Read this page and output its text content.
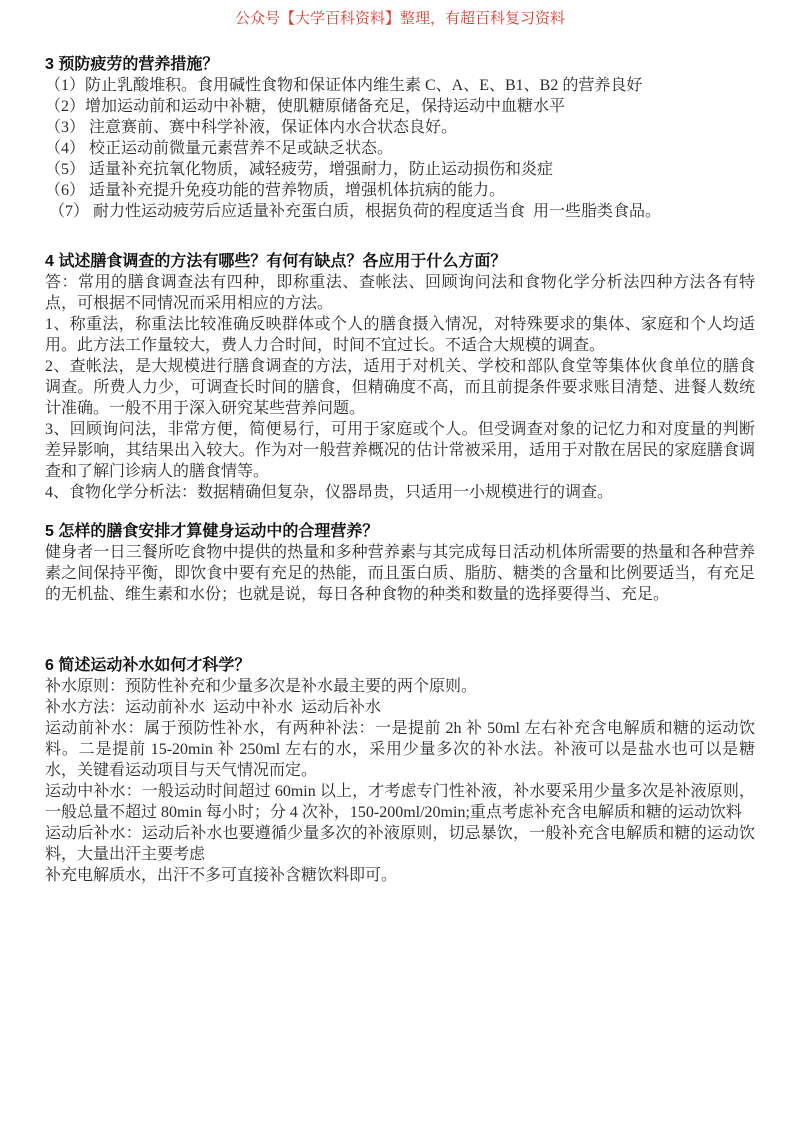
公众号【大学百科资料】整理，有超百科复习资料

3 预防疲劳的营养措施？

（1）防止乳酸堆积。食用碱性食物和保证体内维生素 C、A、E、B1、B2 的营养良好

（2）增加运动前和运动中补糖，使肌糖原储备充足，保持运动中血糖水平

（3） 注意赛前、赛中科学补液，保证体内水合状态良好。

（4） 校正运动前微量元素营养不足或缺乏状态。

（5） 适量补充抗氧化物质，减轻疲劳，增强耐力，防止运动损伤和炎症

（6） 适量补充提升免疫功能的营养物质，增强机体抗病的能力。

（7） 耐力性运动疲劳后应适量补充蛋白质，根据负荷的程度适当食  用一些脂类食品。

4 试述膳食调查的方法有哪些？有何有缺点？各应用于什么方面？

答：常用的膳食调查法有四种，即称重法、查帐法、回顾询问法和食物化学分析法四种方法各有特点，可根据不同情况而采用相应的方法。

1、称重法，称重法比较准确反映群体或个人的膳食摄入情况，对特殊要求的集体、家庭和个人均适用。此方法工作量较大，费人力合时间，时间不宜过长。不适合大规模的调查。

2、查帐法，是大规模进行膳食调查的方法，适用于对机关、学校和部队食堂等集体伙食单位的膳食调查。所费人力少，可调查长时间的膳食，但精确度不高，而且前提条件要求账目清楚、进餐人数统计准确。一般不用于深入研究某些营养问题。

3、回顾询问法，非常方便，简便易行，可用于家庭或个人。但受调查对象的记忆力和对度量的判断差异影响，其结果出入较大。作为对一般营养概况的估计常被采用，适用于对散在居民的家庭膳食调查和了解门诊病人的膳食情等。

4、食物化学分析法：数据精确但复杂，仪器昂贵，只适用一小规模进行的调查。

5 怎样的膳食安排才算健身运动中的合理营养？

健身者一日三餐所吃食物中提供的热量和多种营养素与其完成每日活动机体所需要的热量和各种营养素之间保持平衡，即饮食中要有充足的热能，而且蛋白质、脂肪、糖类的含量和比例要适当，有充足的无机盐、维生素和水份；也就是说，每日各种食物的种类和数量的选择要得当、充足。

6 简述运动补水如何才科学？

补水原则：预防性补充和少量多次是补水最主要的两个原则。

补水方法：运动前补水  运动中补水  运动后补水

运动前补水：属于预防性补水，有两种补法：一是提前 2h 补 50ml 左右补充含电解质和糖的运动饮料。二是提前 15-20min 补 250ml 左右的水，采用少量多次的补水法。补液可以是盐水也可以是糖水，关键看运动项目与天气情况而定。

运动中补水：一般运动时间超过 60min 以上，才考虑专门性补液，补水要采用少量多次是补液原则，一般总量不超过 80min 每小时；分 4 次补，150-200ml/20min;重点考虑补充含电解质和糖的运动饮料

运动后补水：运动后补水也要遵循少量多次的补液原则，切忌暴饮，一般补充含电解质和糖的运动饮料，大量出汗主要考虑

补充电解质水，出汗不多可直接补含糖饮料即可。
